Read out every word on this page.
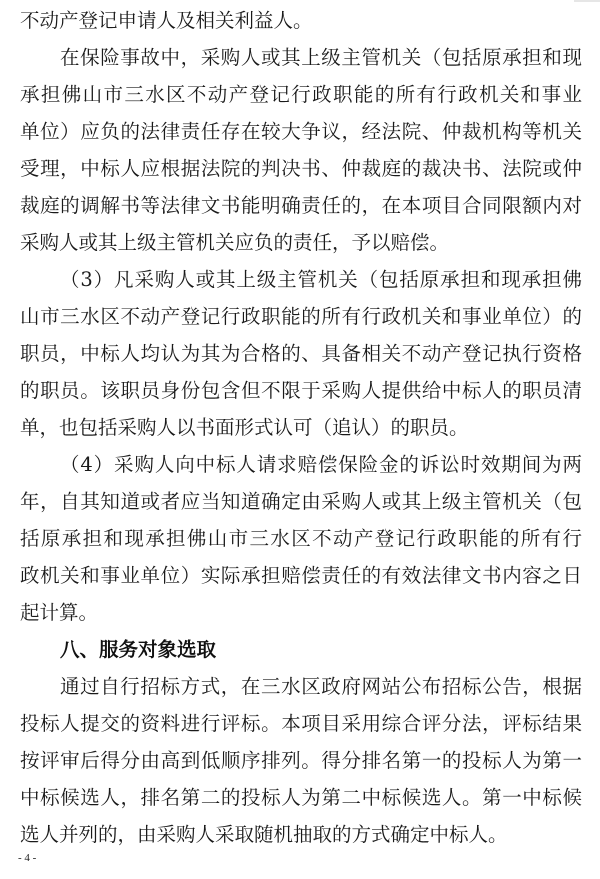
不动产登记申请人及相关利益人。
在保险事故中，采购人或其上级主管机关（包括原承担和现
承担佛山市三水区不动产登记行政职能的所有行政机关和事业
单位）应负的法律责任存在较大争议，经法院、仲裁机构等机关
受理，中标人应根据法院的判决书、仲裁庭的裁决书、法院或仲
裁庭的调解书等法律文书能明确责任的，在本项目合同限额内对
采购人或其上级主管机关应负的责任，予以赔偿。
（3）凡采购人或其上级主管机关（包括原承担和现承担佛
山市三水区不动产登记行政职能的所有行政机关和事业单位）的
职员，中标人均认为其为合格的、具备相关不动产登记执行资格
的职员。该职员身份包含但不限于采购人提供给中标人的职员清
单，也包括采购人以书面形式认可（追认）的职员。
（4）采购人向中标人请求赔偿保险金的诉讼时效期间为两
年，自其知道或者应当知道确定由采购人或其上级主管机关（包
括原承担和现承担佛山市三水区不动产登记行政职能的所有行
政机关和事业单位）实际承担赔偿责任的有效法律文书内容之日
起计算。
八、服务对象选取
通过自行招标方式，在三水区政府网站公布招标公告，根据
投标人提交的资料进行评标。本项目采用综合评分法，评标结果
按评审后得分由高到低顺序排列。得分排名第一的投标人为第一
中标候选人，排名第二的投标人为第二中标候选人。第一中标候
选人并列的，由采购人采取随机抽取的方式确定中标人。
- 4 -
